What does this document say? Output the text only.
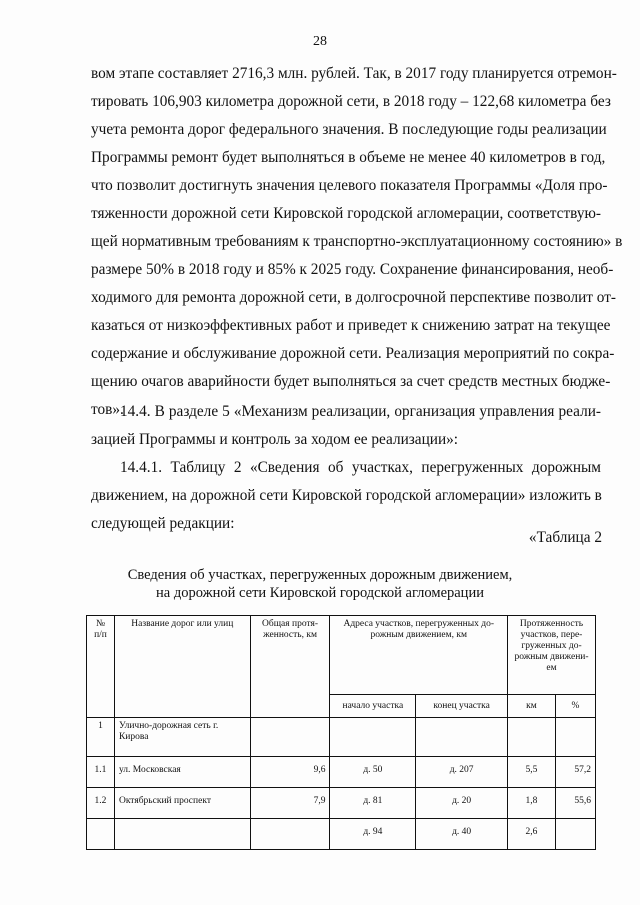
28
вом этапе составляет 2716,3 млн. рублей. Так, в 2017 году планируется отремон-
тировать 106,903 километра дорожной сети, в 2018 году – 122,68 километра без
учета ремонта дорог федерального значения. В последующие годы реализации
Программы ремонт будет выполняться в объеме не менее 40 километров в год,
что позволит достигнуть значения целевого показателя Программы «Доля про-
тяженности дорожной сети Кировской городской агломерации, соответствую-
щей нормативным требованиям к транспортно-эксплуатационному состоянию» в
размере 50% в 2018 году и 85% к 2025 году. Сохранение финансирования, необ-
ходимого для ремонта дорожной сети, в долгосрочной перспективе позволит от-
казаться от низкоэффективных работ и приведет к снижению затрат на текущее
содержание и обслуживание дорожной сети. Реализация мероприятий по сокра-
щению очагов аварийности будет выполняться за счет средств местных бюдже-
тов».
14.4. В разделе 5 «Механизм реализации, организация управления реали-
зацией Программы и контроль за ходом ее реализации»:
14.4.1. Таблицу 2 «Сведения об участках, перегруженных дорожным
движением, на дорожной сети Кировской городской агломерации» изложить в
следующей редакции:
«Таблица 2
Сведения об участках, перегруженных дорожным движением,
на дорожной сети Кировской городской агломерации
№ п/п	Название дорог или улиц	Общая протя-женность, км	Адреса участков, перегруженных до-рожным движением, км		Протяженность участков, пере-груженных до-рожным движени-ем	
			начало участка	конец участка	км	%
1	Улично-дорожная сеть г. Кирова					
1.1	ул. Московская	9,6	д. 50	д. 207	5,5	57,2
1.2	Октябрьский проспект	7,9	д. 81	д. 20	1,8	55,6
			д. 94	д. 40	2,6	
